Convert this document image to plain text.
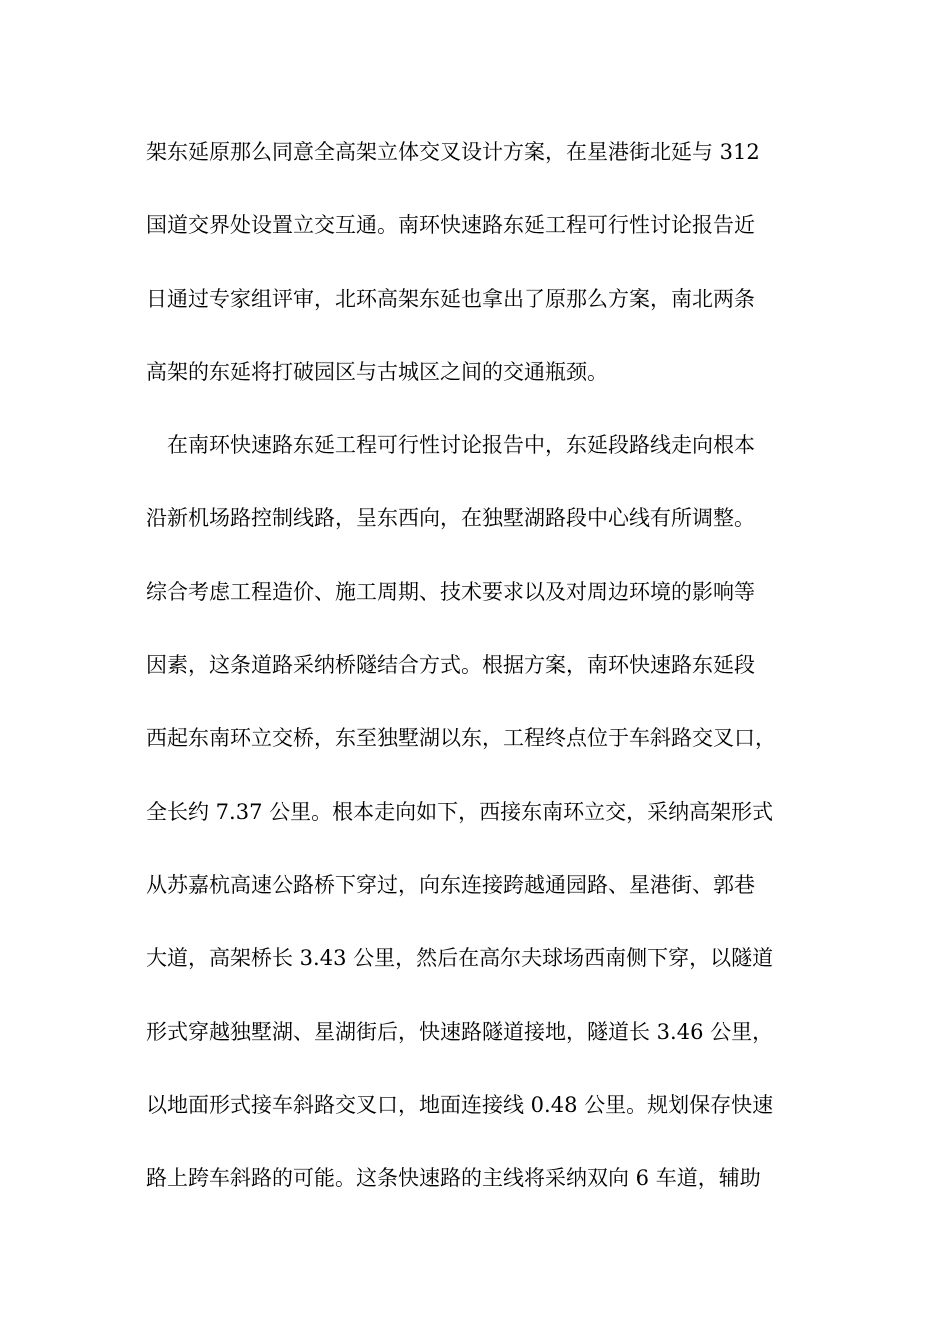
架东延原那么同意全高架立体交叉设计方案，在星港街北延与 312
国道交界处设置立交互通。南环快速路东延工程可行性讨论报告近
日通过专家组评审，北环高架东延也拿出了原那么方案，南北两条
高架的东延将打破园区与古城区之间的交通瓶颈。
在南环快速路东延工程可行性讨论报告中，东延段路线走向根本
沿新机场路控制线路，呈东西向，在独墅湖路段中心线有所调整。
综合考虑工程造价、施工周期、技术要求以及对周边环境的影响等
因素，这条道路采纳桥隧结合方式。根据方案，南环快速路东延段
西起东南环立交桥，东至独墅湖以东，工程终点位于车斜路交叉口，
全长约 7.37 公里。根本走向如下，西接东南环立交，采纳高架形式
从苏嘉杭高速公路桥下穿过，向东连接跨越通园路、星港街、郭巷
大道，高架桥长 3.43 公里，然后在高尔夫球场西南侧下穿，以隧道
形式穿越独墅湖、星湖街后，快速路隧道接地，隧道长 3.46 公里，
以地面形式接车斜路交叉口，地面连接线 0.48 公里。规划保存快速
路上跨车斜路的可能。这条快速路的主线将采纳双向 6 车道，辅助
